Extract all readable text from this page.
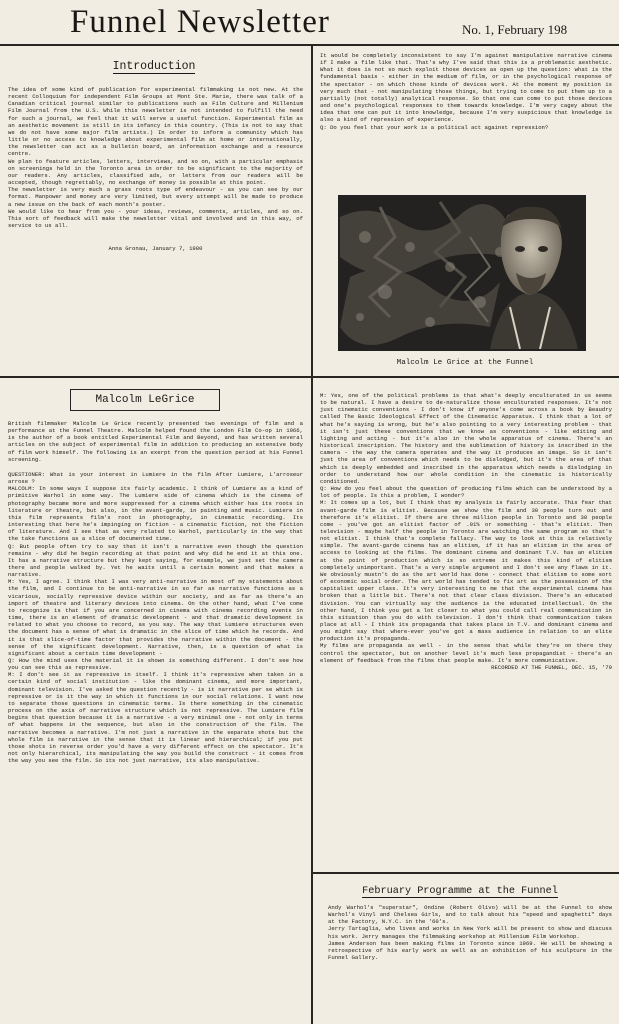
Funnel Newsletter	No. 1, February 198
Introduction

The idea of some kind of publication for experimental filmmaking is not new. At the recent Colloquium for independent Film Groups at Mont Ste. Marie, there was talk of a Canadian critical journal similar to publications such as Film Culture and Millenium Film Journal from the U.S. While this newsletter is not intended to fulfill the need for such a journal, we feel that it will serve a useful function. Experimental film as an aesthetic movement is still in its infancy in this country. (This is not to say that we do not have some major film artists.) In order to inform a community which has little or no access to knowledge about experimental film at home or internationally, the newsletter can act as a bulletin board, an information exchange and a resource centre.

We plan to feature articles, letters, interviews, and so on, with a particular emphasis on screenings held in the Toronto area in order to be significant to the majority of our readers. Any articles, classified ads, or letters from our readers will be accepted, though regrettably, no exchange of money is possible at this point.

The newsletter is very much a grass roots type of endeavour - as you can see by our format. Manpower and money are very limited, but every attempt will be made to produce a new issue on the back of each month's poster.

We would like to hear from you - your ideas, reviews, comments, articles, and so on. This sort of feedback will make the newsletter vital and involved and in this way, of service to us all.

Anna Gronau, January 7, 1980

It would be completely inconsistent to say I'm against manipulative narrative cinema if I make a film like that. That's why I've said that this is a problematic aesthetic. What it does is not so much exploit those devices as open up the question: what is the fundamental basis - either in the medium of film, or in the psychological response of the spectator - on which those kinds of devices work. At the moment my position is very much that - not manipulating those things, but trying to come to put them up to a partially (not totally) analytical response. So that one can come to put those devices and one's psychological responses to them towards knowledge. I'm very cagey about the idea that one can put it into knowledge, because I'm very suspicious that knowledge is also a kind of repression of experience.

Q: Do you feel that your work is a political act against repression?

Malcolm Le Grice at the Funnel
Malcolm LeGrice

British filmmaker Malcolm Le Grice recently presented two evenings of film and a performance at the Funnel Theatre. Malcolm helped found the London Film Co-op in 1966, is the author of a book entitled Experimental Film and Beyond, and has written several articles on the subject of experimental film in addition to producing an extensive body of film work himself. The following is an exerpt from the question period at his Funnel screening.

QUESTIONER: What is your interest in Lumiere in the film After Lumiere, L'arroseur arrose ?

MALCOLM: In some ways I suppose its fairly academic. I think of Lumiere as a kind of primitive Warhol in some way. The Lumiere side of cinema which is the cinema of photography became more and more suppressed for a cinema which either has its roots in literature or theatre, but also, in the avant-garde, in painting and music. Lumiere in this film represents film's root in photography, in cinematic recording. Its interesting that here he's impinging on fiction - a cinematic fiction, not the fiction of literature. And I see that as very related to Warhol, particularly in the way that the take functions as a slice of documented time.

Q: But people often try to say that it isn't a narrative even though the question remains - why did he begin recording at that point and why did he end it at this one. It has a narrative structure but they kept saying, for example, we just set the camera there and people walked by. Yet he waits until a certain moment and that makes a narrative.

M: Yes, I agree. I think that I was very anti-narrative in most of my statements about the film, and I continue to be anti-narrative in so far as narrative functions as a vicarious, socially repressive device within our society, and as far as there's an import of theatre and literary devices into cinema. On the other hand, what I've come to recognize is that if you are concerned in cinema with cinema recording events in time, there is an element of dramatic development - and that dramatic development is related to what you choose to record, as you say. The way that Lumiere structures even the document has a sense of what is dramatic in the slice of time which he records. And it is that slice-of-time factor that provides the narrative within the document - the sense of the significant development. Narrative, then, is a question of what is significant about a certain time development -

Q: How the mind uses the material it is shown is something different. I don't see how you can see this as repressive.

M: I don't see it as repressive in itself. I think it's repressive when taken in a certain kind of social institution - like the dominant cinema, and more important, dominant television. I've asked the question recently - is it narrative per se which is repressive or is it the way in which it functions in our social relations. I want now to separate those questions in cinematic terms. Is there something in the cinematic process on the axis of narrative structure which is not repressive. The Lumiere film begins that question because it is a narrative - a very minimal one - not only in terms of what happens in the sequence, but also in the construction of the film. The narrative becomes a narrative. I'm not just a narrative in the separate shots but the whole film is narrative in the sense that it is linear and hierarchical; if you put those shots in reverse order you'd have a very different effect on the spectator. It's not only hierarchical, its manipulating the way you build the construct - it comes from the way you see the film. So its not just narrative, its also manipulative.

M: Yes, one of the political problems is that what's deeply enculturated in us seems to be natural. I have a desire to de-naturalize those enculturated responses. It's not just cinematic conventions - I don't know if anyone's come across a book by Beaudry called The Basic Ideological Effect of the Cinematic Apparatus. I think that a lot of what he's saying is wrong, but he's also pointing to a very interesting problem - that it isn't just these conventions that we know as conventions - like editing and lighting and acting - but it's also in the whole apparatus of cinema. There's an historical inscription. The history and the sublimation of history is inscribed in the camera - the way the camera operates and the way it produces an image. So it isn't just the area of conventions which needs to be dislodged, but it's the area of that which is deeply embedded and inscribed in the apparatus which needs a dislodging in order to understand how our whole condition in the cinematic is historically conditioned.

Q: How do you feel about the question of producing films which can be understood by a lot of people. Is this a problem, I wonder?

M: It comes up a lot, but I think that my analysis is fairly accurate. This fear that avant-garde film is elitist. Because we show the film and 30 people turn out and therefore it's elitist. If there are three million people in Toronto and 30 people come - you've got an elitist factor of .01% or something - that's elitist. Then television - maybe half the people in Toronto are watching the same program so that's not elitist. I think that's complete fallacy. The way to look at this is relatively simple. The avant-garde cinema has an elitism, if it has an elitism in the area of access to looking at the films. The dominant cinema and dominant T.V. has an elitism at the point of production which is so extreme it makes this kind of elitism completely unimportant. That's a very simple argument and I don't see any flaws in it. We obviously mustn't do as the art world has done - connect that elitism to some sort of economic social order. The art world has tended to fix art as the possession of the capitalist upper class. It's very interesting to me that the experimental cinema has broken that a little bit. There's not that clear class division. There's an educated division. You can virtually say the audience is the educated intellectual. On the other hand, I think you get a lot closer to what you could call real communication in this situation than you do with television. I don't think that communication takes place at all - I think its propaganda that takes place in T.V. and dominant cinema and you might say that where-ever you've got a mass audience in relation to an elite production it's propaganda.

My films are propaganda as well - in the sense that while they're on there they control the spectator, but on another level it's much less propagandist - there's an element of feedback from the films that people make. It's more communicative.

RECORDED AT THE FUNNEL, DEC. 15, '79

February Programme at the Funnel

Andy Warhol's "superstar", Ondine (Robert Olivo) will be at the Funnel to show Warhol's Vinyl and Chelsea Girls, and to talk about his "speed and spaghetti" days at the Factory, N.Y.C. in the '60's.

Jerry Tartaglia, who lives and works in New York will be present to show and discuss his work. Jerry manages the filmmaking workshop at Millenium Film Workshop.

James Anderson has been making films in Toronto since 1969. He will be showing a retrospective of his early work as well as an exhibition of his sculpture in the Funnel Gallery.
